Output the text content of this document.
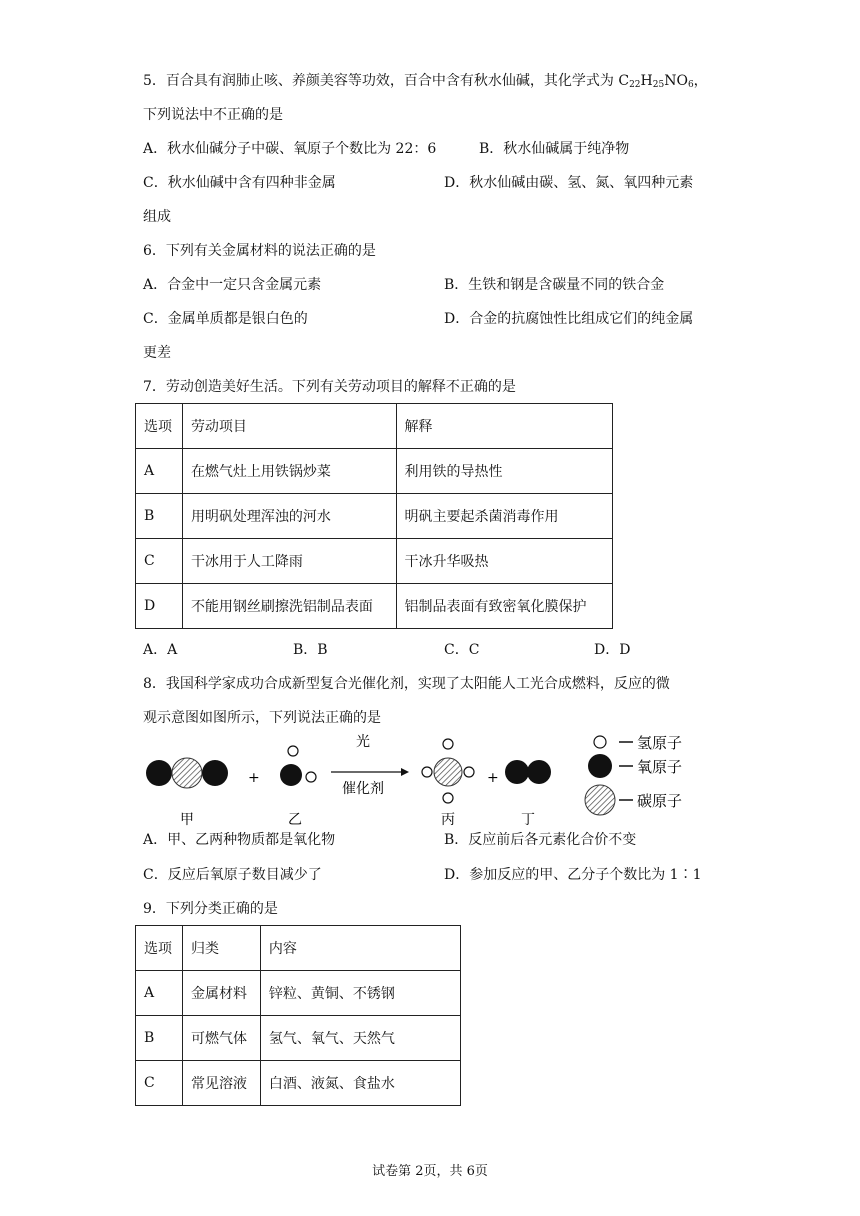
5．百合具有润肺止咳、养颜美容等功效，百合中含有秋水仙碱，其化学式为 $C_{22}H_{25}NO_6$，
下列说法中不正确的是
A．秋水仙碱分子中碳、氧原子个数比为 22：6	B．秋水仙碱属于纯净物
C．秋水仙碱中含有四种非金属	D．秋水仙碱由碳、氢、氮、氧四种元素
组成
6．下列有关金属材料的说法正确的是
A．合金中一定只含金属元素	B．生铁和钢是含碳量不同的铁合金
C．金属单质都是银白色的	D．合金的抗腐蚀性比组成它们的纯金属
更差
7．劳动创造美好生活。下列有关劳动项目的解释不正确的是
选项	劳动项目	解释
A	在燃气灶上用铁锅炒菜	利用铁的导热性
B	用明矾处理浑浊的河水	明矾主要起杀菌消毒作用
C	干冰用于人工降雨	干冰升华吸热
D	不能用钢丝刷擦洗铝制品表面	铝制品表面有致密氧化膜保护
A．A	B．B	C．C	D．D
8．我国科学家成功合成新型复合光催化剂，实现了太阳能人工光合成燃料，反应的微
观示意图如图所示，下列说法正确的是
+
光
催化剂
+
氢原子
氧原子
碳原子
甲	乙	丙	丁
A．甲、乙两种物质都是氧化物	B．反应前后各元素化合价不变
C．反应后氧原子数目减少了	D．参加反应的甲、乙分子个数比为 1∶1
9．下列分类正确的是
选项	归类	内容
A	金属材料	锌粒、黄铜、不锈钢
B	可燃气体	氢气、氧气、天然气
C	常见溶液	白酒、液氮、食盐水
试卷第 2页，共 6页
